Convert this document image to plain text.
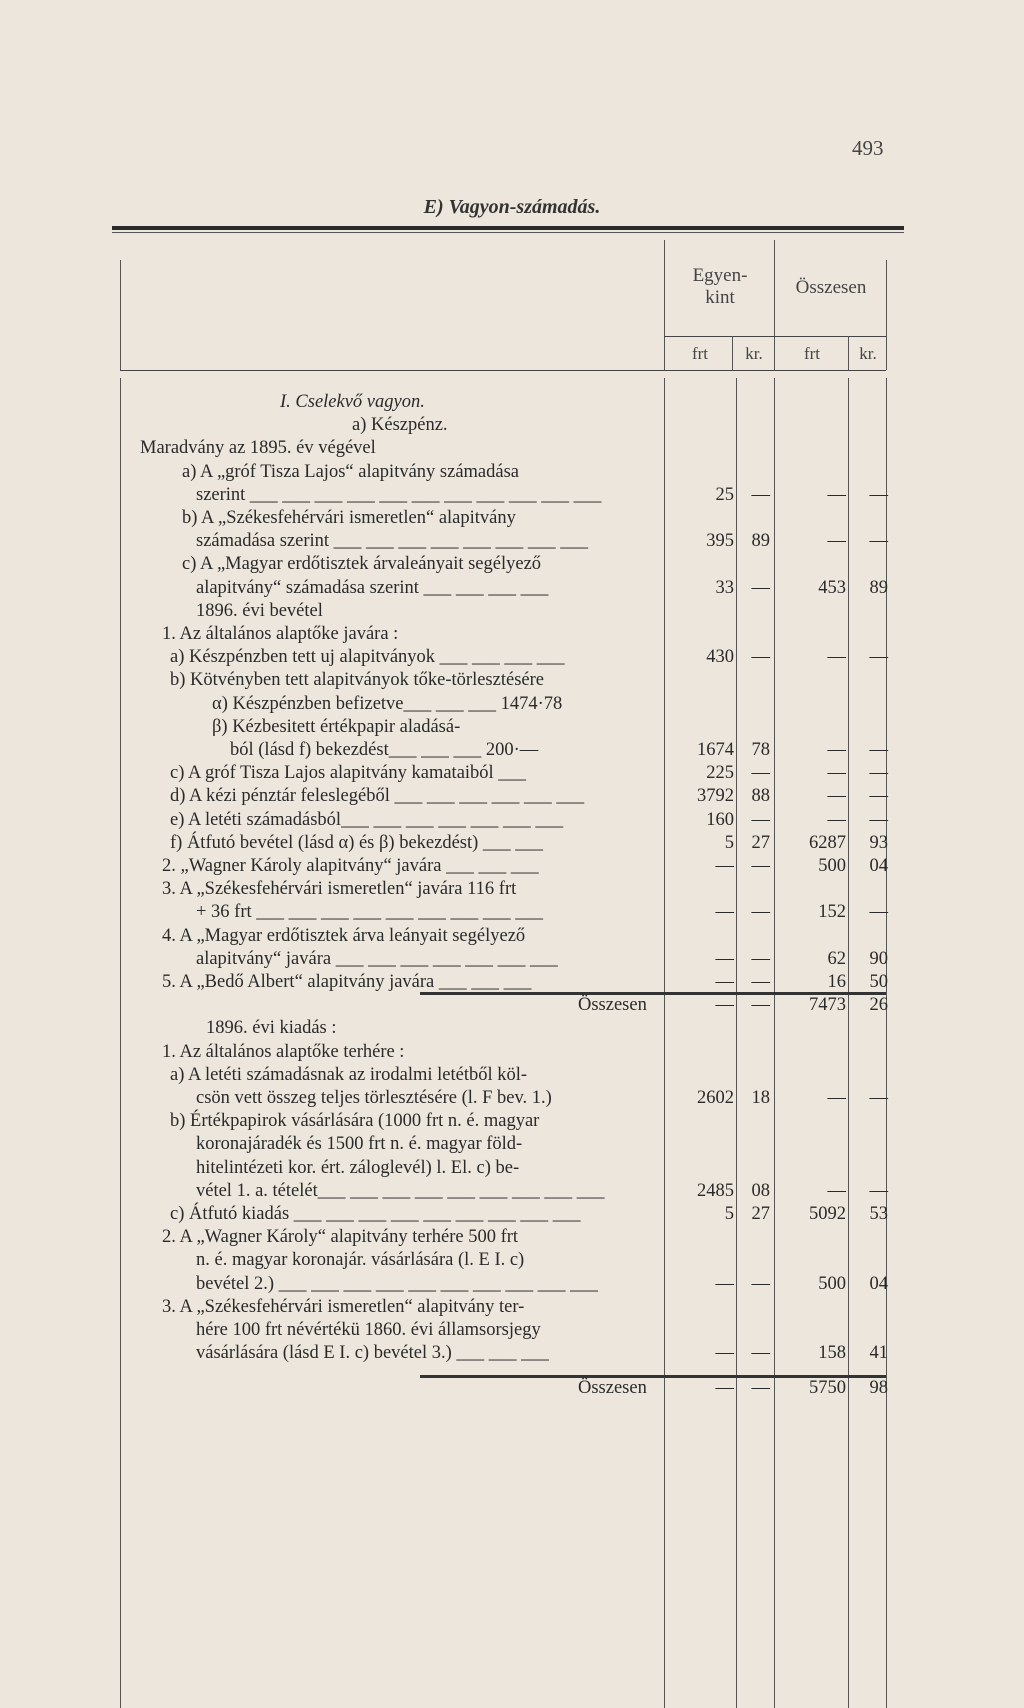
493
E) Vagyon-számadás.
Egyen-
kint	Összesen
frt	kr.	frt	kr.
I. Cselekvő vagyon.
a) Készpénz.
Maradvány az 1895. év végével
a) A „gróf Tisza Lajos“ alapitvány számadása
szerint ___ ___ ___ ___ ___ ___ ___ ___ ___ ___ ___	25 —	—	—
b) A „Székesfehérvári ismeretlen“ alapitvány
számadása szerint ___ ___ ___ ___ ___ ___ ___ ___	395 89	—	—
c) A „Magyar erdőtisztek árvaleányait segélyező
alapitvány“ számadása szerint ___ ___ ___ ___	33 —	453	89
1896. évi bevétel
1. Az általános alaptőke javára :
a) Készpénzben tett uj alapitványok ___ ___ ___ ___	430 —	—	—
b) Kötvényben tett alapitványok tőke-törlesztésére
α) Készpénzben befizetve___ ___ ___ 1474·78
β) Kézbesitett értékpapir aladásá-
ból (lásd f) bekezdést___ ___ ___ 200·—	1674 78	—	—
c) A gróf Tisza Lajos alapitvány kamataiból ___	225 —	—	—
d) A kézi pénztár feleslegéből ___ ___ ___ ___ ___ ___	3792 88	—	—
e) A letéti számadásból___ ___ ___ ___ ___ ___ ___	160 —	—	—
f) Átfutó bevétel (lásd α) és β) bekezdést) ___ ___	5 27	6287	93
2. „Wagner Károly alapitvány“ javára ___ ___ ___	— —	500	04
3. A „Székesfehérvári ismeretlen“ javára 116 frt
+ 36 frt ___ ___ ___ ___ ___ ___ ___ ___ ___	— —	152	—
4. A „Magyar erdőtisztek árva leányait segélyező
alapitvány“ javára ___ ___ ___ ___ ___ ___ ___	— —	62	90
5. A „Bedő Albert“ alapitvány javára ___ ___ ___	— —	16	50
Összesen	— —	7473	26
1896. évi kiadás :
1. Az általános alaptőke terhére :
a) A letéti számadásnak az irodalmi letétből köl-
csön vett összeg teljes törlesztésére (l. F bev. 1.)	2602 18	—	—
b) Értékpapirok vásárlására (1000 frt n. é. magyar
koronajáradék és 1500 frt n. é. magyar föld-
hitelintézeti kor. ért. záloglevél) l. El. c) be-
vétel 1. a. tételét___ ___ ___ ___ ___ ___ ___ ___ ___	2485 08	—	—
c) Átfutó kiadás ___ ___ ___ ___ ___ ___ ___ ___ ___	5 27	5092	53
2. A „Wagner Károly“ alapitvány terhére 500 frt
n. é. magyar koronajár. vásárlására (l. E I. c)
bevétel 2.) ___ ___ ___ ___ ___ ___ ___ ___ ___ ___	— —	500	04
3. A „Székesfehérvári ismeretlen“ alapitvány ter-
hére 100 frt névértékü 1860. évi államsorsjegy
vásárlására (lásd E I. c) bevétel 3.) ___ ___ ___	— —	158	41
Összesen	— —	5750	98
